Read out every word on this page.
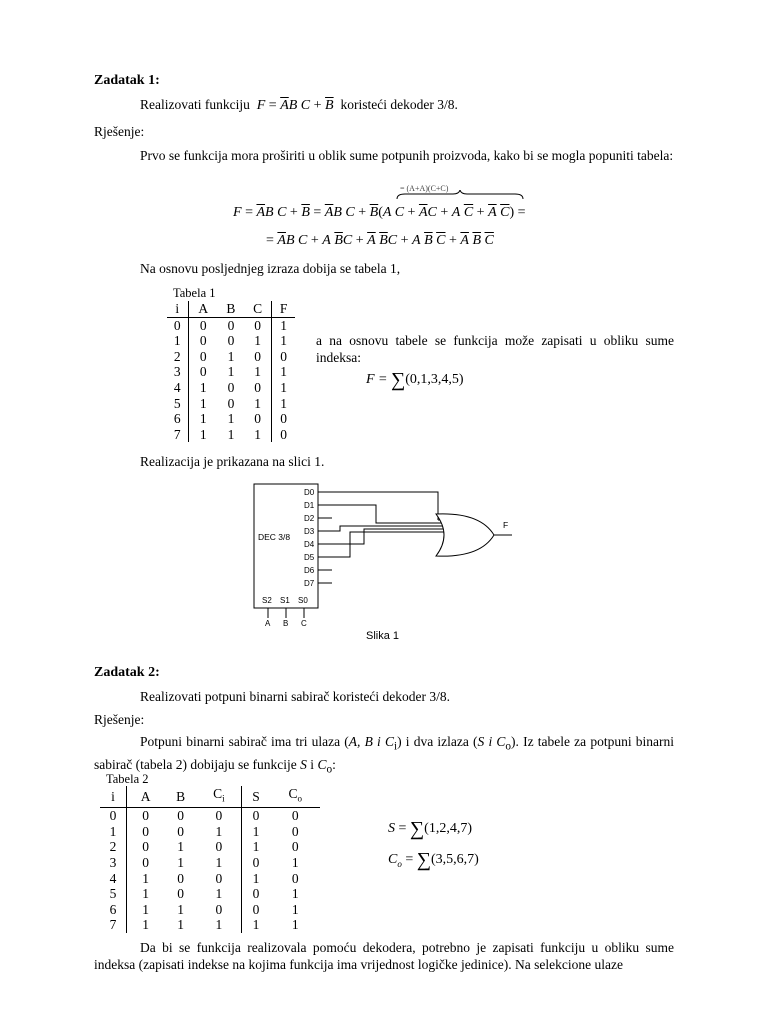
Zadatak 1:
Realizovati funkciju $F = \overline{A}B$ $C + \overline{B}$ koristeći dekoder 3/8.
Rješenje:
Prvo se funkcija mora proširiti u oblik sume potpunih proizvoda, kako bi se mogla popuniti tabela:
= (A+A)(C+C)
$F = \overline{A}B$ $C + \overline{B} = \overline{A}B$ $C + \overline{B}(A$ $C + \overline{A}C + A$ $\overline{C} + \overline{A}$ $\overline{C}$) =
= $\overline{A}B$ C + A $\overline{B}C + \overline{A}$ $\overline{B}C + A$ $\overline{B}$ $\overline{C} + \overline{A}$ $\overline{B}$ $\overline{C}$
Na osnovu posljednjeg izraza dobija se tabela 1,
Tabela 1
i	A	B	C	F
0	0	0	0	1
1	0	0	1	1
2	0	1	0	0
3	0	1	1	1
4	1	0	0	1
5	1	0	1	1
6	1	1	0	0
7	1	1	1	0
a na osnovu tabele se funkcija može zapisati u obliku sume indeksa:
F = ∑(0,1,3,4,5)
Realizacija je prikazana na slici 1.
DEC 3/8
D0
D1
D2
D3
D4
D5
D6
D7
S2 S1 S0
A B C
F
Slika 1
Zadatak 2:
Realizovati potpuni binarni sabirač koristeći dekoder 3/8.
Rješenje:
Potpuni binarni sabirač ima tri ulaza (A, B i $C_i$) i dva izlaza (S i $C_o$). Iz tabele za potpuni binarni sabirač (tabela 2) dobijaju se funkcije S i $C_o$:
Tabela 2
i	A	B	$C_i$	S	$C_o$
0	0	0	0	0	0
1	0	0	1	1	0
2	0	1	0	1	0
3	0	1	1	0	1
4	1	0	0	1	0
5	1	0	1	0	1
6	1	1	0	0	1
7	1	1	1	1	1
S = ∑(1,2,4,7)
$C_o = \sum(3,5,6,7)$
Da bi se funkcija realizovala pomoću dekodera, potrebno je zapisati funkciju u obliku sume indeksa (zapisati indekse na kojima funkcija ima vrijednost logičke jedinice). Na selekcione ulaze
